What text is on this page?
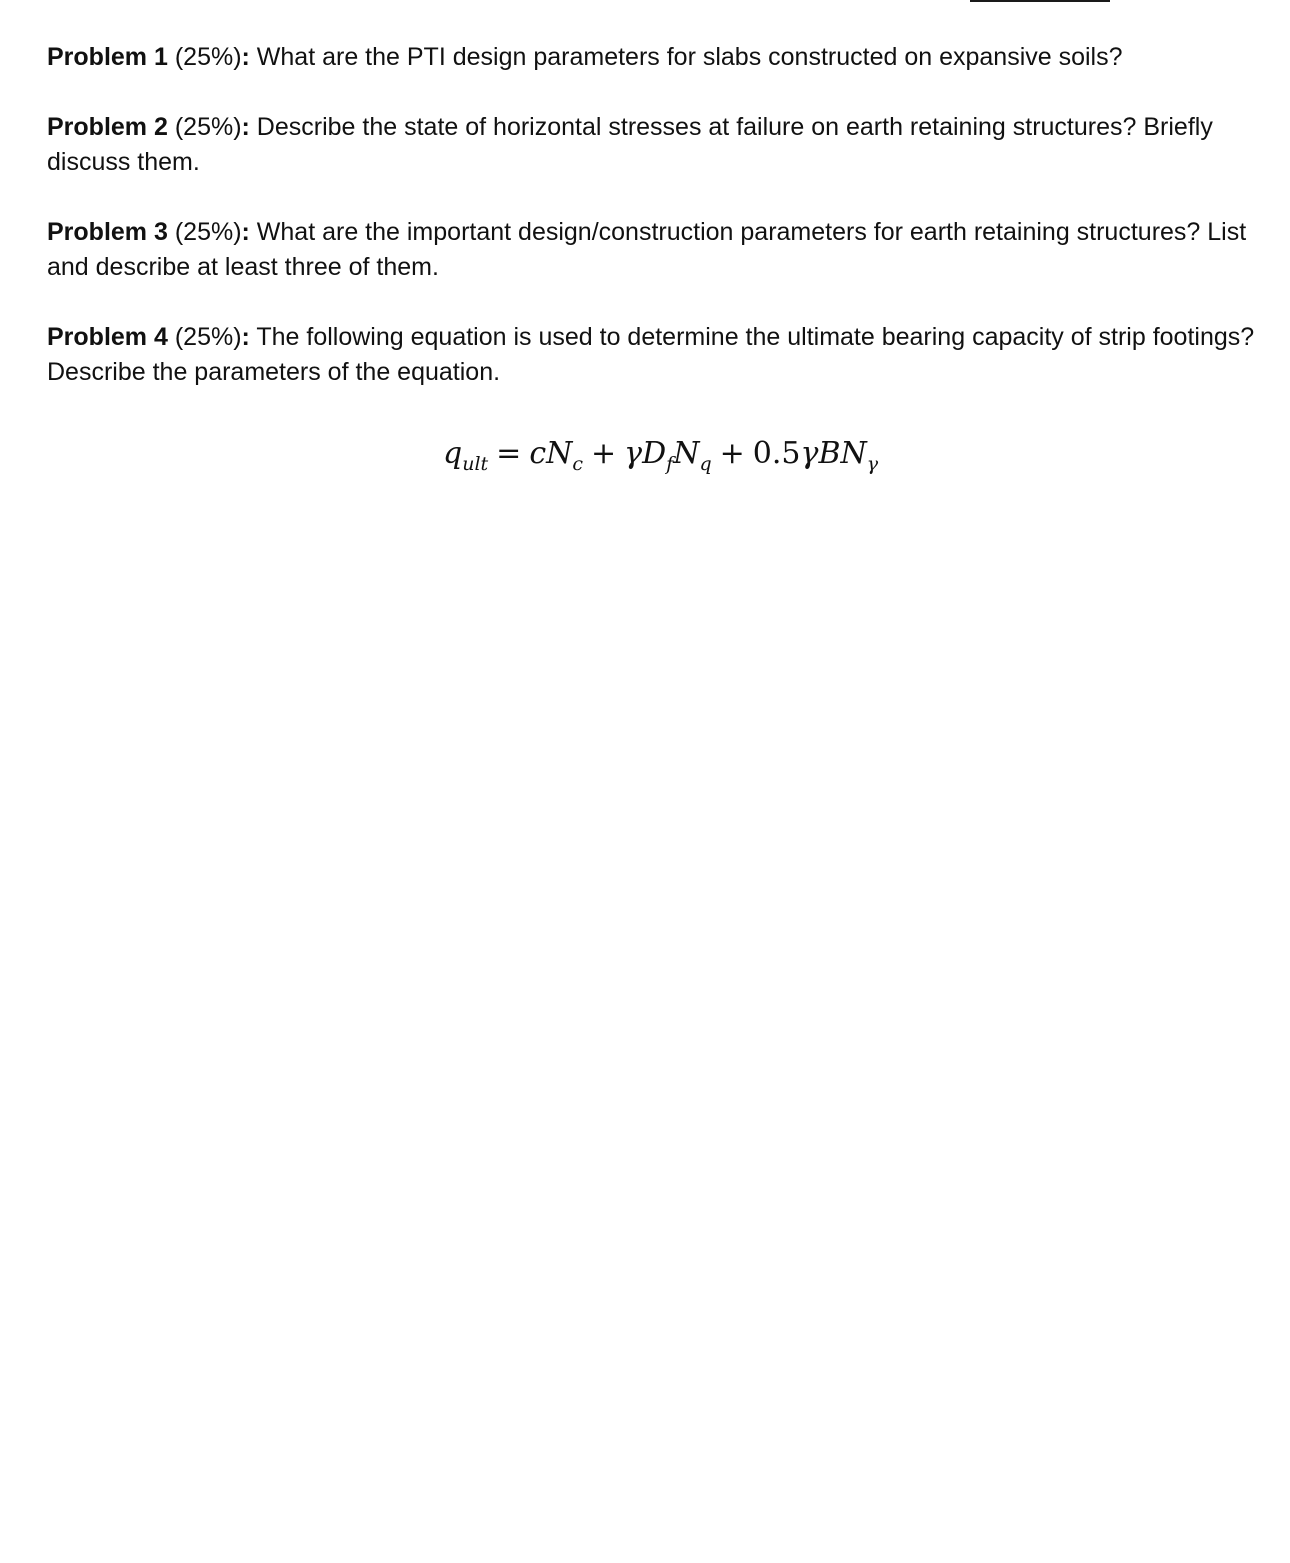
Problem 1 (25%): What are the PTI design parameters for slabs constructed on expansive soils?
Problem 2 (25%): Describe the state of horizontal stresses at failure on earth retaining structures? Briefly discuss them.
Problem 3 (25%): What are the important design/construction parameters for earth retaining structures? List and describe at least three of them.
Problem 4 (25%): The following equation is used to determine the ultimate bearing capacity of strip footings? Describe the parameters of the equation.
$q_{ult} = cN_c + \gamma D_fN_q + 0.5\gamma BN_\gamma$
